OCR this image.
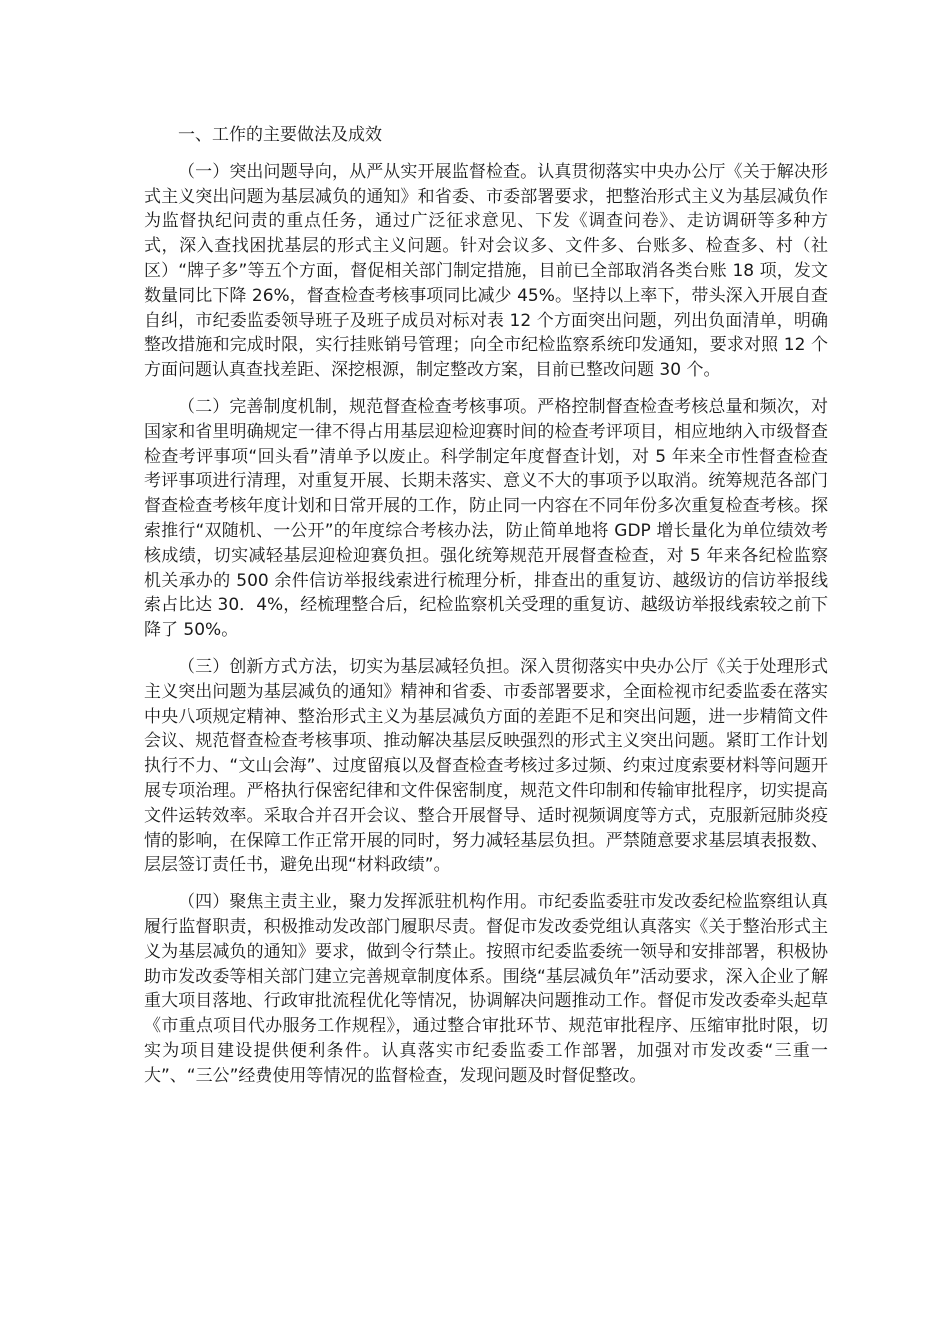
一、工作的主要做法及成效

（一）突出问题导向，从严从实开展监督检查。认真贯彻落实中央办公厅《关于解决形式主义突出问题为基层减负的通知》和省委、市委部署要求，把整治形式主义为基层减负作为监督执纪问责的重点任务，通过广泛征求意见、下发《调查问卷》、走访调研等多种方式，深入查找困扰基层的形式主义问题。针对会议多、文件多、台账多、检查多、村（社区）“牌子多”等五个方面，督促相关部门制定措施，目前已全部取消各类台账 18 项，发文数量同比下降 26%，督查检查考核事项同比减少 45%。坚持以上率下，带头深入开展自查自纠，市纪委监委领导班子及班子成员对标对表 12 个方面突出问题，列出负面清单，明确整改措施和完成时限，实行挂账销号管理；向全市纪检监察系统印发通知，要求对照 12 个方面问题认真查找差距、深挖根源，制定整改方案，目前已整改问题 30 个。

（二）完善制度机制，规范督查检查考核事项。严格控制督查检查考核总量和频次，对国家和省里明确规定一律不得占用基层迎检迎赛时间的检查考评项目，相应地纳入市级督查检查考评事项“回头看”清单予以废止。科学制定年度督查计划，对 5 年来全市性督查检查考评事项进行清理，对重复开展、长期未落实、意义不大的事项予以取消。统筹规范各部门督查检查考核年度计划和日常开展的工作，防止同一内容在不同年份多次重复检查考核。探索推行“双随机、一公开”的年度综合考核办法，防止简单地将 GDP 增长量化为单位绩效考核成绩，切实减轻基层迎检迎赛负担。强化统筹规范开展督查检查，对 5 年来各纪检监察机关承办的 500 余件信访举报线索进行梳理分析，排查出的重复访、越级访的信访举报线索占比达 30．4%，经梳理整合后，纪检监察机关受理的重复访、越级访举报线索较之前下降了 50%。

（三）创新方式方法，切实为基层减轻负担。深入贯彻落实中央办公厅《关于处理形式主义突出问题为基层减负的通知》精神和省委、市委部署要求，全面检视市纪委监委在落实中央八项规定精神、整治形式主义为基层减负方面的差距不足和突出问题，进一步精简文件会议、规范督查检查考核事项、推动解决基层反映强烈的形式主义突出问题。紧盯工作计划执行不力、“文山会海”、过度留痕以及督查检查考核过多过频、约束过度索要材料等问题开展专项治理。严格执行保密纪律和文件保密制度，规范文件印制和传输审批程序，切实提高文件运转效率。采取合并召开会议、整合开展督导、适时视频调度等方式，克服新冠肺炎疫情的影响，在保障工作正常开展的同时，努力减轻基层负担。严禁随意要求基层填表报数、层层签订责任书，避免出现“材料政绩”。

（四）聚焦主责主业，聚力发挥派驻机构作用。市纪委监委驻市发改委纪检监察组认真履行监督职责，积极推动发改部门履职尽责。督促市发改委党组认真落实《关于整治形式主义为基层减负的通知》要求，做到令行禁止。按照市纪委监委统一领导和安排部署，积极协助市发改委等相关部门建立完善规章制度体系。围绕“基层减负年”活动要求，深入企业了解重大项目落地、行政审批流程优化等情况，协调解决问题推动工作。督促市发改委牵头起草《市重点项目代办服务工作规程》，通过整合审批环节、规范审批程序、压缩审批时限，切实为项目建设提供便利条件。认真落实市纪委监委工作部署，加强对市发改委“三重一大”、“三公”经费使用等情况的监督检查，发现问题及时督促整改。
